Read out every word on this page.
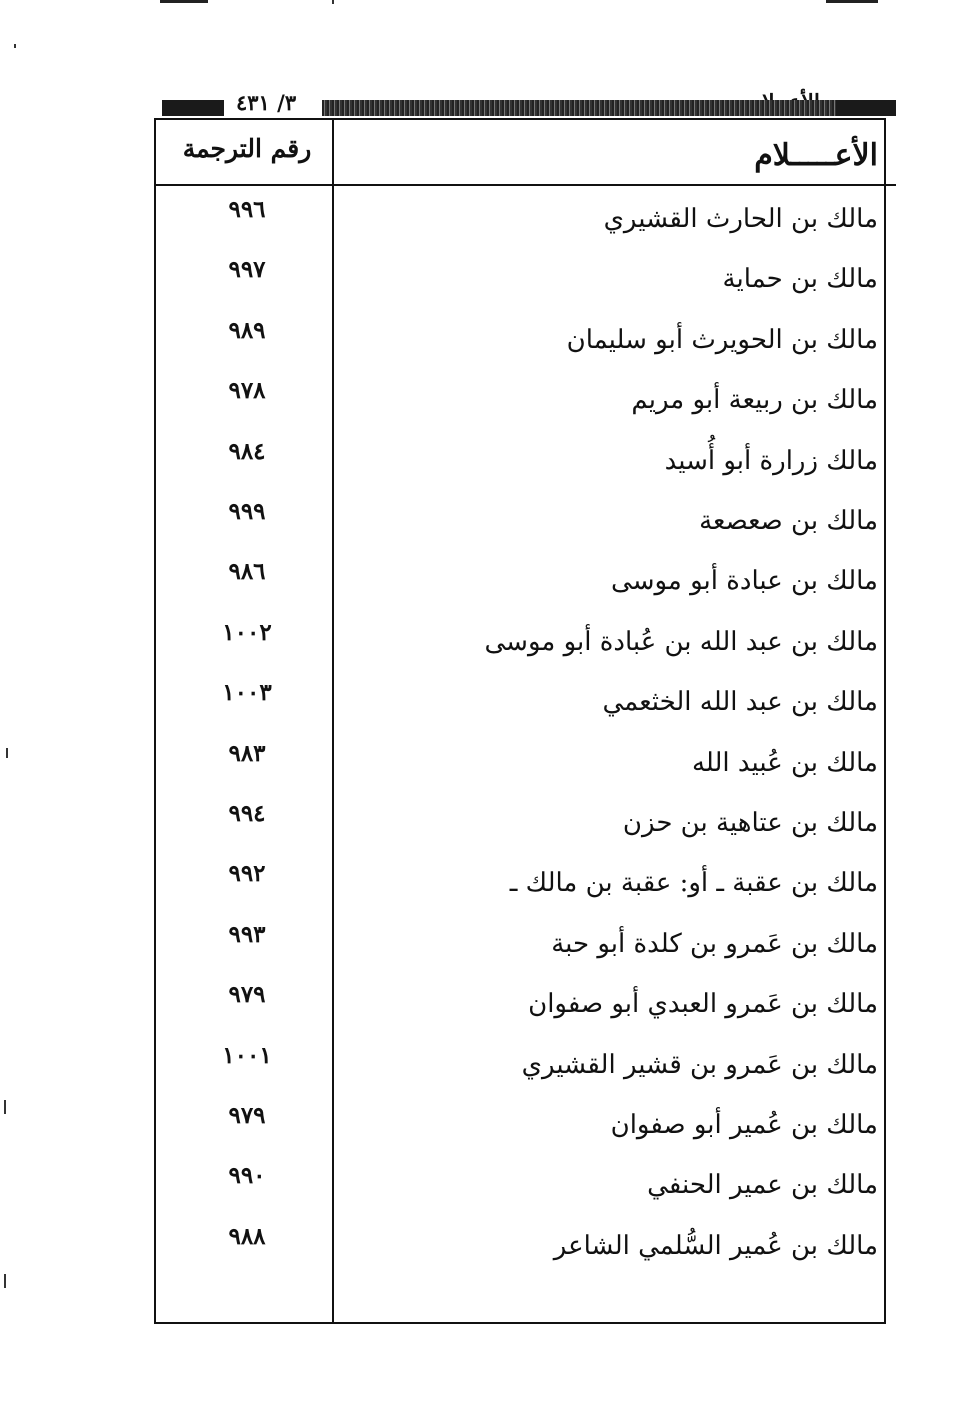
٣/ ٤٣١
الأعـــــلام
رقم الترجمة
مالك بن الحارث القشيري
٩٩٦
مالك بن حماية
٩٩٧
مالك بن الحويرث أبو سليمان
٩٨٩
مالك بن ربيعة أبو مريم
٩٧٨
مالك زرارة أبو أُسيد
٩٨٤
مالك بن صعصعة
٩٩٩
مالك بن عبادة أبو موسى
٩٨٦
مالك بن عبد الله بن عُبادة أبو موسى
١٠٠٢
مالك بن عبد الله الخثعمي
١٠٠٣
مالك بن عُبيد الله
٩٨٣
مالك بن عتاهية بن حزن
٩٩٤
مالك بن عقبة ـ أو: عقبة بن مالك ـ
٩٩٢
مالك بن عَمرو بن كلدة أبو حبة
٩٩٣
مالك بن عَمرو العبدي أبو صفوان
٩٧٩
مالك بن عَمرو بن قشير القشيري
١٠٠١
مالك بن عُمير أبو صفوان
٩٧٩
مالك بن عمير الحنفي
٩٩٠
مالك بن عُمير السُّلمي الشاعر
٩٨٨
